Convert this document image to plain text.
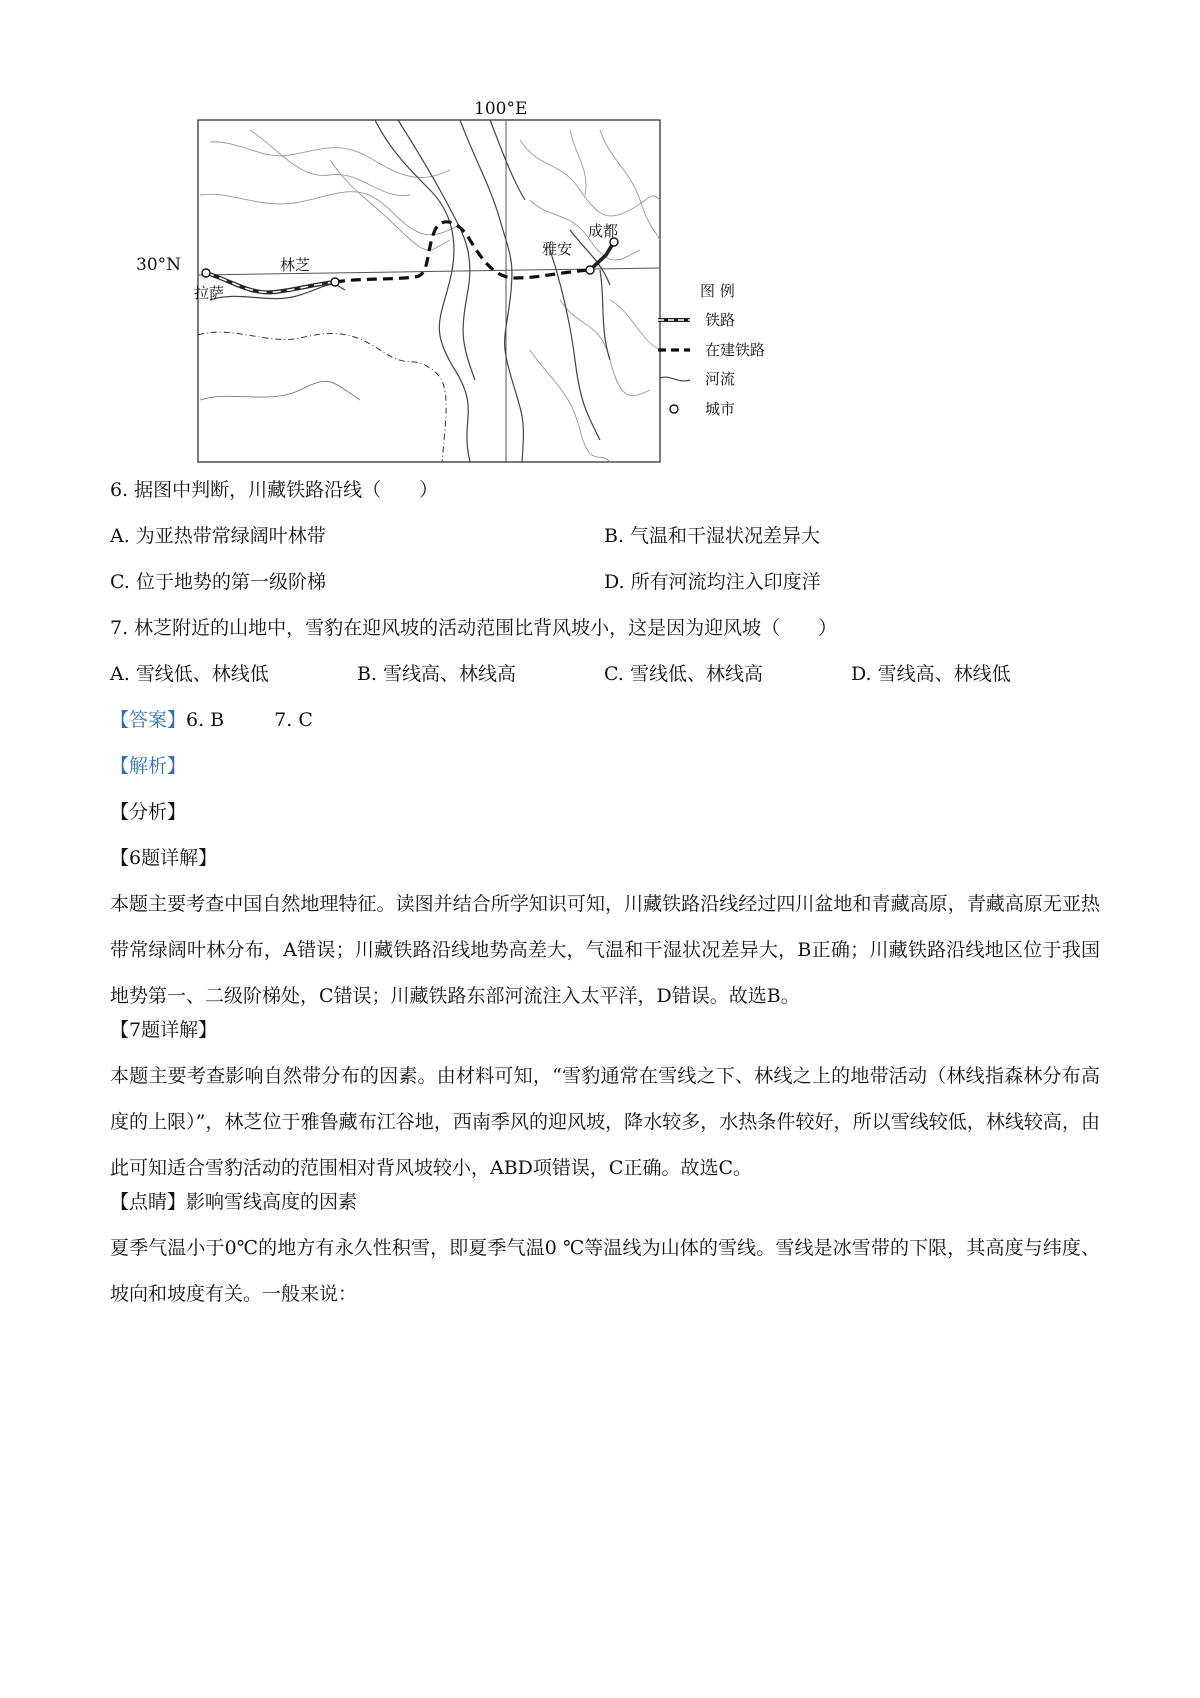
100°E
30°N
拉萨
林芝
雅安
成都
图 例
铁路
在建铁路
河流
城市
6. 据图中判断，川藏铁路沿线（　　）
A. 为亚热带常绿阔叶林带	B. 气温和干湿状况差异大
C. 位于地势的第一级阶梯	D. 所有河流均注入印度洋
7. 林芝附近的山地中，雪豹在迎风坡的活动范围比背风坡小，这是因为迎风坡（　　）
A. 雪线低、林线低	B. 雪线高、林线高	C. 雪线低、林线高	D. 雪线高、林线低
【答案】6. B	7. C
【解析】
【分析】
【6题详解】
本题主要考查中国自然地理特征。读图并结合所学知识可知，川藏铁路沿线经过四川盆地和青藏高原，青藏高原无亚热带常绿阔叶林分布，A错误；川藏铁路沿线地势高差大，气温和干湿状况差异大，B正确；川藏铁路沿线地区位于我国地势第一、二级阶梯处，C错误；川藏铁路东部河流注入太平洋，D错误。故选B。
【7题详解】
本题主要考查影响自然带分布的因素。由材料可知，“雪豹通常在雪线之下、林线之上的地带活动（林线指森林分布高度的上限）”，林芝位于雅鲁藏布江谷地，西南季风的迎风坡，降水较多，水热条件较好，所以雪线较低，林线较高，由此可知适合雪豹活动的范围相对背风坡较小，ABD项错误，C正确。故选C。
【点睛】影响雪线高度的因素
夏季气温小于0℃的地方有永久性积雪，即夏季气温0 ℃等温线为山体的雪线。雪线是冰雪带的下限，其高度与纬度、坡向和坡度有关。一般来说：
